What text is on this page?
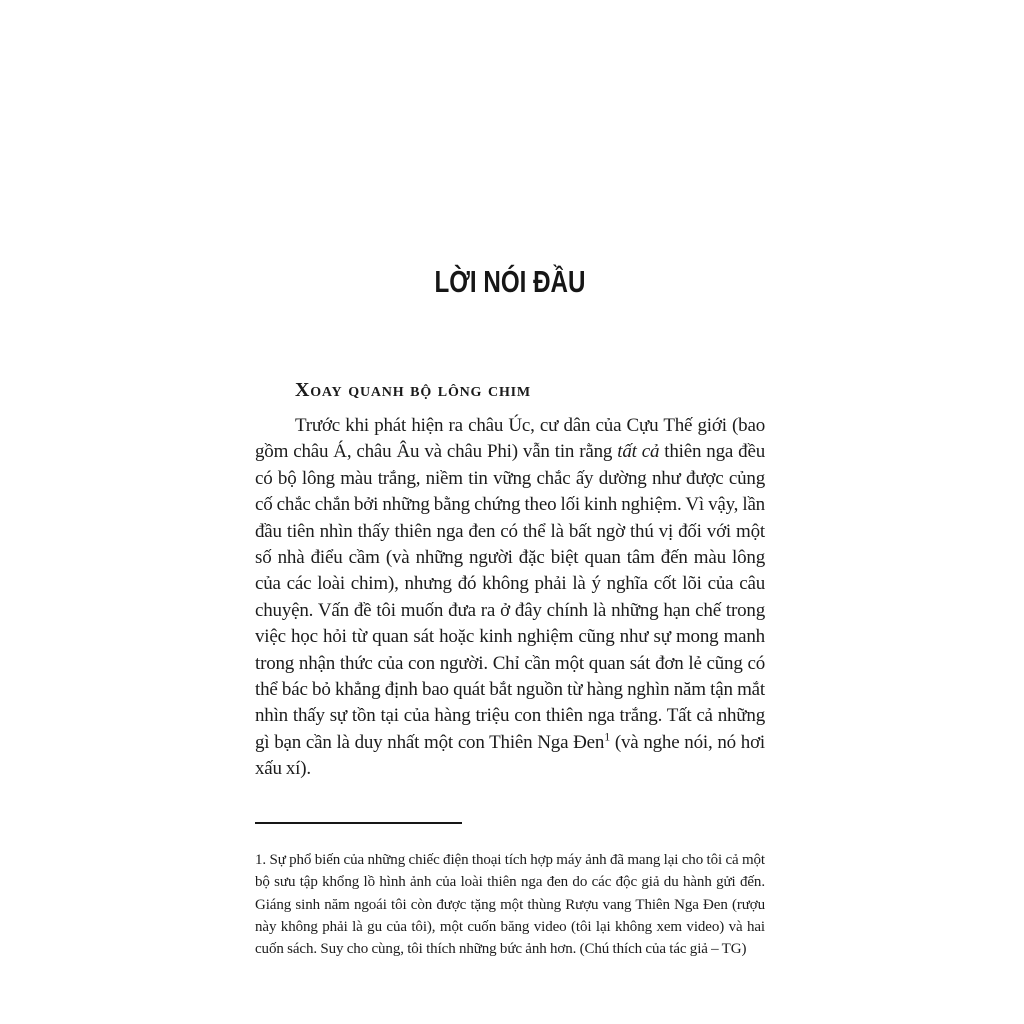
LỜI NÓI ĐẦU
Xoay quanh bộ lông chim

Trước khi phát hiện ra châu Úc, cư dân của Cựu Thế giới (bao gồm châu Á, châu Âu và châu Phi) vẫn tin rằng tất cả thiên nga đều có bộ lông màu trắng, niềm tin vững chắc ấy dường như được củng cố chắc chắn bởi những bằng chứng theo lối kinh nghiệm. Vì vậy, lần đầu tiên nhìn thấy thiên nga đen có thể là bất ngờ thú vị đối với một số nhà điểu cầm (và những người đặc biệt quan tâm đến màu lông của các loài chim), nhưng đó không phải là ý nghĩa cốt lõi của câu chuyện. Vấn đề tôi muốn đưa ra ở đây chính là những hạn chế trong việc học hỏi từ quan sát hoặc kinh nghiệm cũng như sự mong manh trong nhận thức của con người. Chỉ cần một quan sát đơn lẻ cũng có thể bác bỏ khẳng định bao quát bắt nguồn từ hàng nghìn năm tận mắt nhìn thấy sự tồn tại của hàng triệu con thiên nga trắng. Tất cả những gì bạn cần là duy nhất một con Thiên Nga Đen$^1$ (và nghe nói, nó hơi xấu xí).

1. Sự phổ biến của những chiếc điện thoại tích hợp máy ảnh đã mang lại cho tôi cả một bộ sưu tập khổng lồ hình ảnh của loài thiên nga đen do các độc giả du hành gửi đến. Giáng sinh năm ngoái tôi còn được tặng một thùng Rượu vang Thiên Nga Đen (rượu này không phải là gu của tôi), một cuốn băng video (tôi lại không xem video) và hai cuốn sách. Suy cho cùng, tôi thích những bức ảnh hơn. (Chú thích của tác giả – TG)
